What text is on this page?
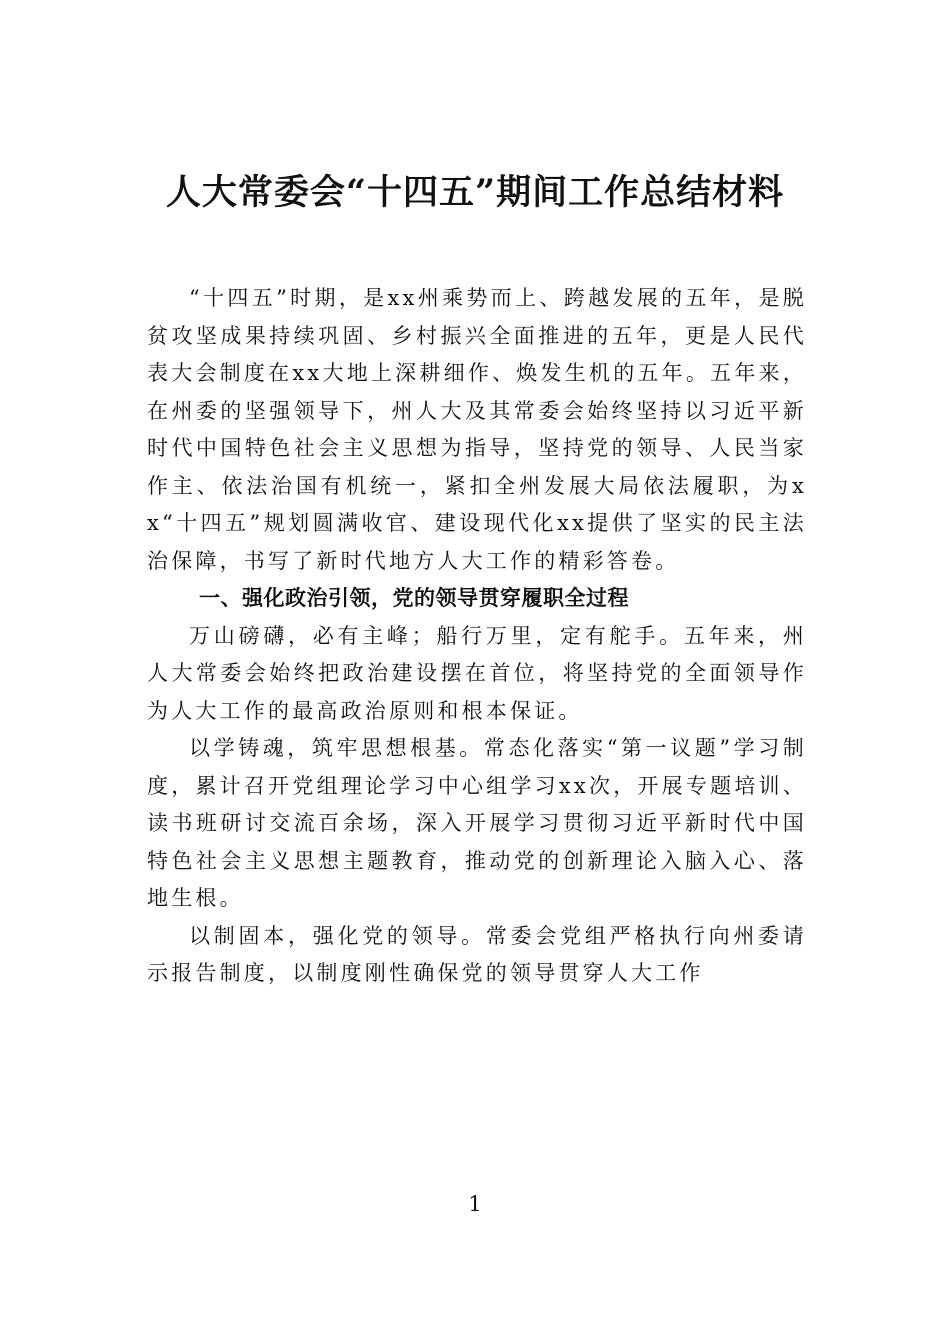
人大常委会“十四五”期间工作总结材料

“十四五”时期，是xx州乘势而上、跨越发展的五年，是脱贫攻坚成果持续巩固、乡村振兴全面推进的五年，更是人民代表大会制度在xx大地上深耕细作、焕发生机的五年。五年来，在州委的坚强领导下，州人大及其常委会始终坚持以习近平新时代中国特色社会主义思想为指导，坚持党的领导、人民当家作主、依法治国有机统一，紧扣全州发展大局依法履职，为xx“十四五”规划圆满收官、建设现代化xx提供了坚实的民主法治保障，书写了新时代地方人大工作的精彩答卷。

一、强化政治引领，党的领导贯穿履职全过程

万山磅礴，必有主峰；船行万里，定有舵手。五年来，州人大常委会始终把政治建设摆在首位，将坚持党的全面领导作为人大工作的最高政治原则和根本保证。

以学铸魂，筑牢思想根基。常态化落实“第一议题”学习制度，累计召开党组理论学习中心组学习xx次，开展专题培训、读书班研讨交流百余场，深入开展学习贯彻习近平新时代中国特色社会主义思想主题教育，推动党的创新理论入脑入心、落地生根。

以制固本，强化党的领导。常委会党组严格执行向州委请示报告制度，以制度刚性确保党的领导贯穿人大工作

1
